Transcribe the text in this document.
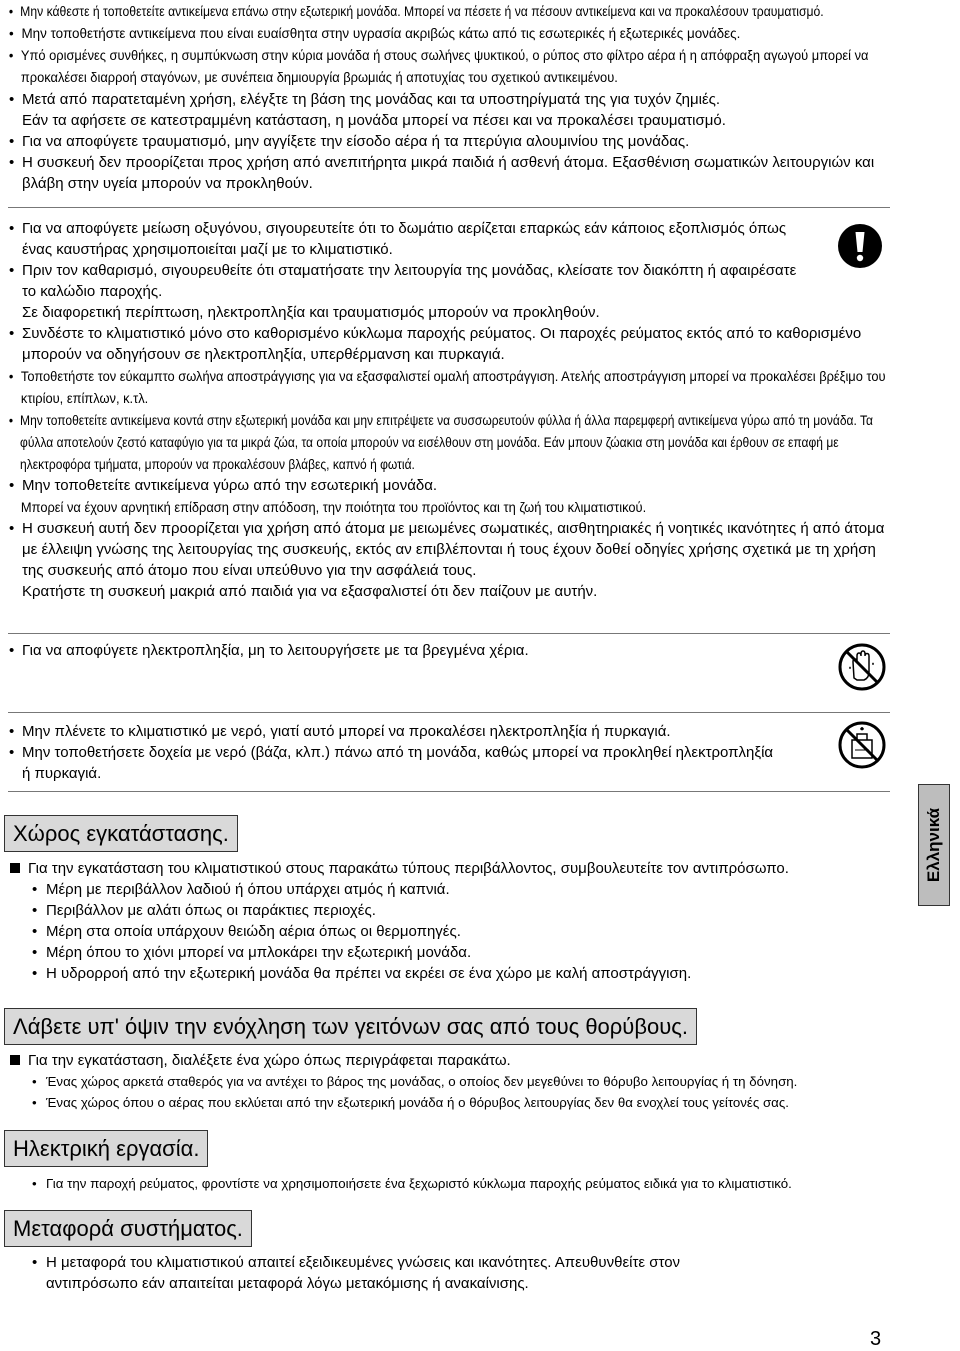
• Μην κάθεστε ή τοποθετείτε αντικείμενα επάνω στην εξωτερική μονάδα. Μπορεί να πέσετε ή να πέσουν αντικείμενα και να προκαλέσουν τραυματισμό.

• Μην τοποθετήστε αντικείμενα που είναι ευαίσθητα στην υγρασία ακριβώς κάτω από τις εσωτερικές ή εξωτερικές μονάδες.

• Υπό ορισμένες συνθήκες, η συμπύκνωση στην κύρια μονάδα ή στους σωλήνες ψυκτικού, ο ρύπος στο φίλτρο αέρα ή η απόφραξη αγωγού μπορεί να προκαλέσει διαρροή σταγόνων, με συνέπεια δημιουργία βρωμιάς ή αποτυχίας του σχετικού αντικειμένου.

• Μετά από παρατεταμένη χρήση, ελέγξτε τη βάση της μονάδας και τα υποστηρίγματά της για τυχόν ζημιές.

Εάν τα αφήσετε σε κατεστραμμένη κατάσταση, η μονάδα μπορεί να πέσει και να προκαλέσει τραυματισμό.

• Για να αποφύγετε τραυματισμό, μην αγγίξετε την είσοδο αέρα ή τα πτερύγια αλουμινίου της μονάδας.

• Η συσκευή δεν προορίζεται προς χρήση από ανεπιτήρητα μικρά παιδιά ή ασθενή άτομα. Εξασθένιση σωματικών λειτουργιών και βλάβη στην υγεία μπορούν να προκληθούν.

• Για να αποφύγετε μείωση οξυγόνου, σιγουρευτείτε ότι το δωμάτιο αερίζεται επαρκώς εάν κάποιος εξοπλισμός όπως ένας καυστήρας χρησιμοποιείται μαζί με το κλιματιστικό.

• Πριν τον καθαρισμό, σιγουρευθείτε ότι σταματήσατε την λειτουργία της μονάδας, κλείσατε τον διακόπτη ή αφαιρέσατε το καλώδιο παροχής.

Σε διαφορετική περίπτωση, ηλεκτροπληξία και τραυματισμός μπορούν να προκληθούν.

• Συνδέστε το κλιματιστικό μόνο στο καθορισμένο κύκλωμα παροχής ρεύματος. Οι παροχές ρεύματος εκτός από το καθορισμένο μπορούν να οδηγήσουν σε ηλεκτροπληξία, υπερθέρμανση και πυρκαγιά.

• Τοποθετήστε τον εύκαμπτο σωλήνα αποστράγγισης για να εξασφαλιστεί ομαλή αποστράγγιση. Ατελής αποστράγγιση μπορεί να προκαλέσει βρέξιμο του κτιρίου, επίπλων, κ.τλ.

• Μην τοποθετείτε αντικείμενα κοντά στην εξωτερική μονάδα και μην επιτρέψετε να συσσωρευτούν φύλλα ή άλλα παρεμφερή αντικείμενα γύρω από τη μονάδα. Τα φύλλα αποτελούν ζεστό καταφύγιο για τα μικρά ζώα, τα οποία μπορούν να εισέλθουν στη μονάδα. Εάν μπουν ζώακια στη μονάδα και έρθουν σε επαφή με ηλεκτροφόρα τμήματα, μπορούν να προκαλέσουν βλάβες, καπνό ή φωτιά.

• Μην τοποθετείτε αντικείμενα γύρω από την εσωτερική μονάδα.

Μπορεί να έχουν αρνητική επίδραση στην απόδοση, την ποιότητα του προϊόντος και τη ζωή του κλιματιστικού.

• Η συσκευή αυτή δεν προορίζεται για χρήση από άτομα με μειωμένες σωματικές, αισθητηριακές ή νοητικές ικανότητες ή από άτομα με έλλειψη γνώσης της λειτουργίας της συσκευής, εκτός αν επιβλέπονται ή τους έχουν δοθεί οδηγίες χρήσης σχετικά με τη χρήση της συσκευής από άτομο που είναι υπεύθυνο για την ασφάλειά τους.

Κρατήστε τη συσκευή μακριά από παιδιά για να εξασφαλιστεί ότι δεν παίζουν με αυτήν.

• Για να αποφύγετε ηλεκτροπληξία, μη το λειτουργήσετε με τα βρεγμένα χέρια.

• Μην πλένετε το κλιματιστικό με νερό, γιατί αυτό μπορεί να προκαλέσει ηλεκτροπληξία ή πυρκαγιά.

• Μην τοποθετήσετε δοχεία με νερό (βάζα, κλπ.) πάνω από τη μονάδα, καθώς μπορεί να προκληθεί ηλεκτροπληξία ή πυρκαγιά.

Ελληνικά
Χώρος εγκατάστασης.

Για την εγκατάσταση του κλιματιστικού στους παρακάτω τύπους περιβάλλοντος, συμβουλευτείτε τον αντιπρόσωπο.

• Μέρη με περιβάλλον λαδιού ή όπου υπάρχει ατμός ή καπνιά.

• Περιβάλλον με αλάτι όπως οι παράκτιες περιοχές.

• Μέρη στα οποία υπάρχουν θειώδη αέρια όπως οι θερμοπηγές.

• Μέρη όπου το χιόνι μπορεί να μπλοκάρει την εξωτερική μονάδα.

• Η υδρορροή από την εξωτερική μονάδα θα πρέπει να εκρέει σε ένα χώρο με καλή αποστράγγιση.

Λάβετε υπ' όψιν την ενόχληση των γειτόνων σας από τους θορύβους.

Για την εγκατάσταση, διαλέξετε ένα χώρο όπως περιγράφεται παρακάτω.

• Ένας χώρος αρκετά σταθερός για να αντέχει το βάρος της μονάδας, ο οποίος δεν μεγεθύνει το θόρυβο λειτουργίας ή τη δόνηση.

• Ένας χώρος όπου ο αέρας που εκλύεται από την εξωτερική μονάδα ή ο θόρυβος λειτουργίας δεν θα ενοχλεί τους γείτονές σας.

Ηλεκτρική εργασία.

• Για την παροχή ρεύματος, φροντίστε να χρησιμοποιήσετε ένα ξεχωριστό κύκλωμα παροχής ρεύματος ειδικά για το κλιματιστικό.

Μεταφορά συστήματος.

• Η μεταφορά του κλιματιστικού απαιτεί εξειδικευμένες γνώσεις και ικανότητες. Απευθυνθείτε στον αντιπρόσωπο εάν απαιτείται μεταφορά λόγω μετακόμισης ή ανακαίνισης.

3
